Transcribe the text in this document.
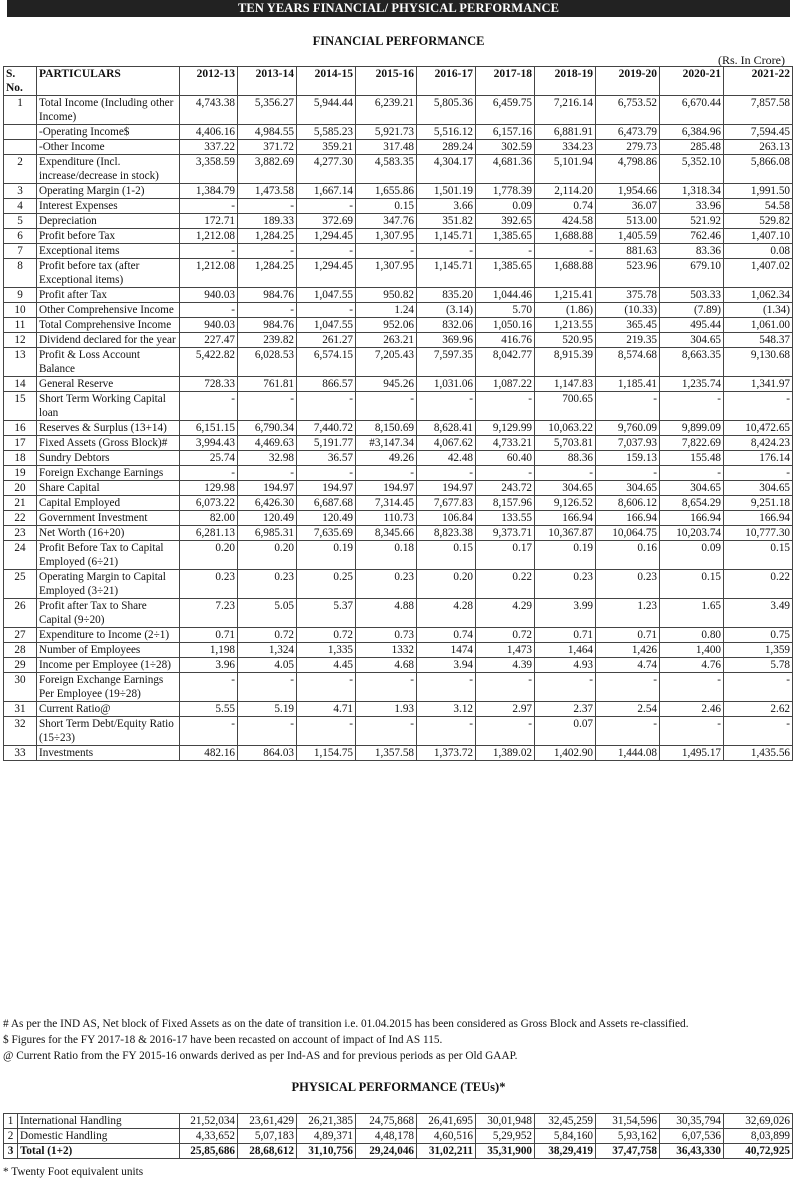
TEN YEARS FINANCIAL/ PHYSICAL PERFORMANCE
FINANCIAL PERFORMANCE
(Rs. In Crore)
S. No.	PARTICULARS	2012-13	2013-14	2014-15	2015-16	2016-17	2017-18	2018-19	2019-20	2020-21	2021-22
1	Total Income (Including other Income)	4,743.38	5,356.27	5,944.44	6,239.21	5,805.36	6,459.75	7,216.14	6,753.52	6,670.44	7,857.58
	-Operating Income$	4,406.16	4,984.55	5,585.23	5,921.73	5,516.12	6,157.16	6,881.91	6,473.79	6,384.96	7,594.45
	-Other Income	337.22	371.72	359.21	317.48	289.24	302.59	334.23	279.73	285.48	263.13
2	Expenditure (Incl. increase/decrease in stock)	3,358.59	3,882.69	4,277.30	4,583.35	4,304.17	4,681.36	5,101.94	4,798.86	5,352.10	5,866.08
3	Operating Margin (1-2)	1,384.79	1,473.58	1,667.14	1,655.86	1,501.19	1,778.39	2,114.20	1,954.66	1,318.34	1,991.50
4	Interest Expenses	-	-	-	0.15	3.66	0.09	0.74	36.07	33.96	54.58
5	Depreciation	172.71	189.33	372.69	347.76	351.82	392.65	424.58	513.00	521.92	529.82
6	Profit before Tax	1,212.08	1,284.25	1,294.45	1,307.95	1,145.71	1,385.65	1,688.88	1,405.59	762.46	1,407.10
7	Exceptional items	-	-	-	-	-	-	-	881.63	83.36	0.08
8	Profit before tax (after Exceptional items)	1,212.08	1,284.25	1,294.45	1,307.95	1,145.71	1,385.65	1,688.88	523.96	679.10	1,407.02
9	Profit after Tax	940.03	984.76	1,047.55	950.82	835.20	1,044.46	1,215.41	375.78	503.33	1,062.34
10	Other Comprehensive Income	-	-	-	1.24	(3.14)	5.70	(1.86)	(10.33)	(7.89)	(1.34)
11	Total Comprehensive Income	940.03	984.76	1,047.55	952.06	832.06	1,050.16	1,213.55	365.45	495.44	1,061.00
12	Dividend declared for the year	227.47	239.82	261.27	263.21	369.96	416.76	520.95	219.35	304.65	548.37
13	Profit & Loss Account Balance	5,422.82	6,028.53	6,574.15	7,205.43	7,597.35	8,042.77	8,915.39	8,574.68	8,663.35	9,130.68
14	General Reserve	728.33	761.81	866.57	945.26	1,031.06	1,087.22	1,147.83	1,185.41	1,235.74	1,341.97
15	Short Term Working Capital loan	-	-	-	-	-	-	700.65	-	-	-
16	Reserves & Surplus (13+14)	6,151.15	6,790.34	7,440.72	8,150.69	8,628.41	9,129.99	10,063.22	9,760.09	9,899.09	10,472.65
17	Fixed Assets (Gross Block)#	3,994.43	4,469.63	5,191.77	#3,147.34	4,067.62	4,733.21	5,703.81	7,037.93	7,822.69	8,424.23
18	Sundry Debtors	25.74	32.98	36.57	49.26	42.48	60.40	88.36	159.13	155.48	176.14
19	Foreign Exchange Earnings	-	-	-	-	-	-	-	-	-	-
20	Share Capital	129.98	194.97	194.97	194.97	194.97	243.72	304.65	304.65	304.65	304.65
21	Capital Employed	6,073.22	6,426.30	6,687.68	7,314.45	7,677.83	8,157.96	9,126.52	8,606.12	8,654.29	9,251.18
22	Government Investment	82.00	120.49	120.49	110.73	106.84	133.55	166.94	166.94	166.94	166.94
23	Net Worth (16+20)	6,281.13	6,985.31	7,635.69	8,345.66	8,823.38	9,373.71	10,367.87	10,064.75	10,203.74	10,777.30
24	Profit Before Tax to Capital Employed (6÷21)	0.20	0.20	0.19	0.18	0.15	0.17	0.19	0.16	0.09	0.15
25	Operating Margin to Capital Employed (3÷21)	0.23	0.23	0.25	0.23	0.20	0.22	0.23	0.23	0.15	0.22
26	Profit after Tax to Share Capital (9÷20)	7.23	5.05	5.37	4.88	4.28	4.29	3.99	1.23	1.65	3.49
27	Expenditure to Income (2÷1)	0.71	0.72	0.72	0.73	0.74	0.72	0.71	0.71	0.80	0.75
28	Number of Employees	1,198	1,324	1,335	1332	1474	1,473	1,464	1,426	1,400	1,359
29	Income per Employee (1÷28)	3.96	4.05	4.45	4.68	3.94	4.39	4.93	4.74	4.76	5.78
30	Foreign Exchange Earnings Per Employee (19÷28)	-	-	-	-	-	-	-	-	-	-
31	Current Ratio@	5.55	5.19	4.71	1.93	3.12	2.97	2.37	2.54	2.46	2.62
32	Short Term Debt/Equity Ratio (15÷23)	-	-	-	-	-	-	0.07	-	-	-
33	Investments	482.16	864.03	1,154.75	1,357.58	1,373.72	1,389.02	1,402.90	1,444.08	1,495.17	1,435.56
# As per the IND AS, Net block of Fixed Assets as on the date of transition i.e. 01.04.2015 has been considered as Gross Block and Assets re-classified.
$ Figures for the FY 2017-18 & 2016-17 have been recasted on account of impact of Ind AS 115.
@ Current Ratio from the FY 2015-16 onwards derived as per Ind-AS and for previous periods as per Old GAAP.
PHYSICAL PERFORMANCE (TEUs)*
1	International Handling	21,52,034	23,61,429	26,21,385	24,75,868	26,41,695	30,01,948	32,45,259	31,54,596	30,35,794	32,69,026
2	Domestic Handling	4,33,652	5,07,183	4,89,371	4,48,178	4,60,516	5,29,952	5,84,160	5,93,162	6,07,536	8,03,899
3	Total (1+2)	25,85,686	28,68,612	31,10,756	29,24,046	31,02,211	35,31,900	38,29,419	37,47,758	36,43,330	40,72,925
* Twenty Foot equivalent units
